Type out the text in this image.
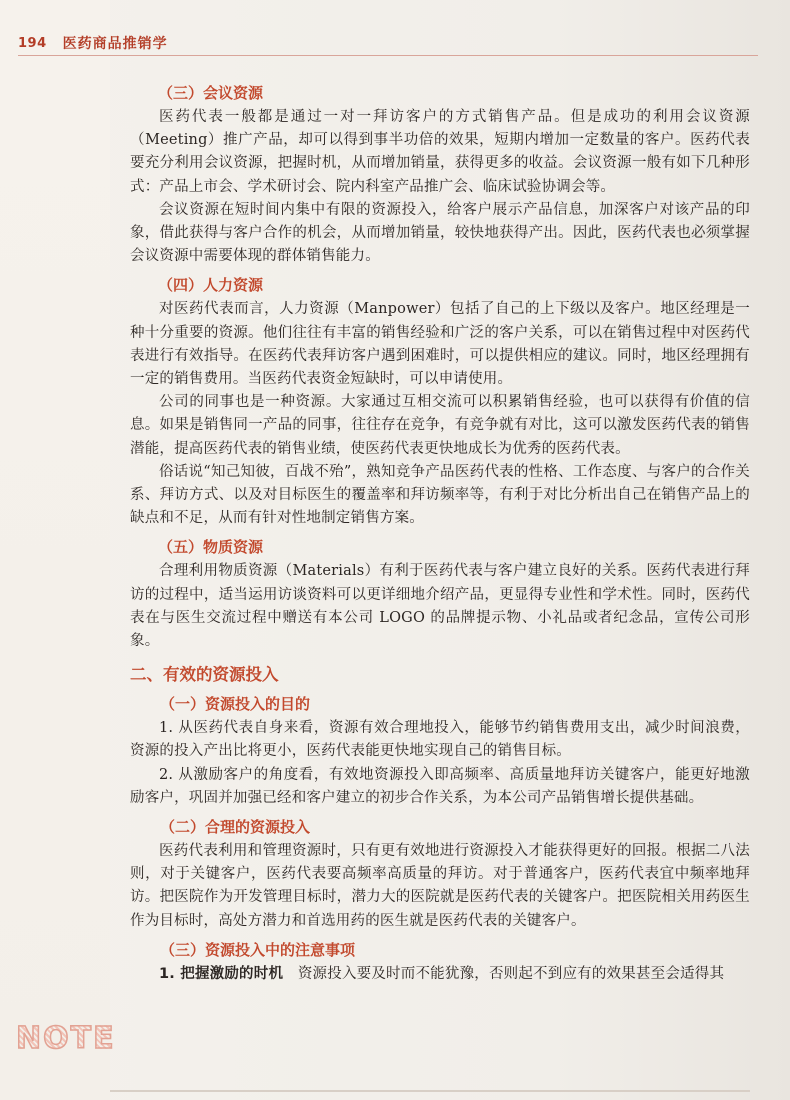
194 医药商品推销学
（三）会议资源

医药代表一般都是通过一对一拜访客户的方式销售产品。但是成功的利用会议资源（Meeting）推广产品，却可以得到事半功倍的效果，短期内增加一定数量的客户。医药代表要充分利用会议资源，把握时机，从而增加销量，获得更多的收益。会议资源一般有如下几种形式：产品上市会、学术研讨会、院内科室产品推广会、临床试验协调会等。

会议资源在短时间内集中有限的资源投入，给客户展示产品信息，加深客户对该产品的印象，借此获得与客户合作的机会，从而增加销量，较快地获得产出。因此，医药代表也必须掌握会议资源中需要体现的群体销售能力。

（四）人力资源

对医药代表而言，人力资源（Manpower）包括了自己的上下级以及客户。地区经理是一种十分重要的资源。他们往往有丰富的销售经验和广泛的客户关系，可以在销售过程中对医药代表进行有效指导。在医药代表拜访客户遇到困难时，可以提供相应的建议。同时，地区经理拥有一定的销售费用。当医药代表资金短缺时，可以申请使用。

公司的同事也是一种资源。大家通过互相交流可以积累销售经验，也可以获得有价值的信息。如果是销售同一产品的同事，往往存在竞争，有竞争就有对比，这可以激发医药代表的销售潜能，提高医药代表的销售业绩，使医药代表更快地成长为优秀的医药代表。

俗话说“知己知彼，百战不殆”，熟知竞争产品医药代表的性格、工作态度、与客户的合作关系、拜访方式、以及对目标医生的覆盖率和拜访频率等，有利于对比分析出自己在销售产品上的缺点和不足，从而有针对性地制定销售方案。

（五）物质资源

合理利用物质资源（Materials）有利于医药代表与客户建立良好的关系。医药代表进行拜访的过程中，适当运用访谈资料可以更详细地介绍产品，更显得专业性和学术性。同时，医药代表在与医生交流过程中赠送有本公司 LOGO 的品牌提示物、小礼品或者纪念品，宣传公司形象。

二、有效的资源投入
（一）资源投入的目的

1. 从医药代表自身来看，资源有效合理地投入，能够节约销售费用支出，减少时间浪费，资源的投入产出比将更小，医药代表能更快地实现自己的销售目标。

2. 从激励客户的角度看，有效地资源投入即高频率、高质量地拜访关键客户，能更好地激励客户，巩固并加强已经和客户建立的初步合作关系，为本公司产品销售增长提供基础。

（二）合理的资源投入

医药代表利用和管理资源时，只有更有效地进行资源投入才能获得更好的回报。根据二八法则，对于关键客户，医药代表要高频率高质量的拜访。对于普通客户，医药代表宜中频率地拜访。把医院作为开发管理目标时，潜力大的医院就是医药代表的关键客户。把医院相关用药医生作为目标时，高处方潜力和首选用药的医生就是医药代表的关键客户。

（三）资源投入中的注意事项

1. 把握激励的时机　 资源投入要及时而不能犹豫，否则起不到应有的效果甚至会适得其

NOTE
